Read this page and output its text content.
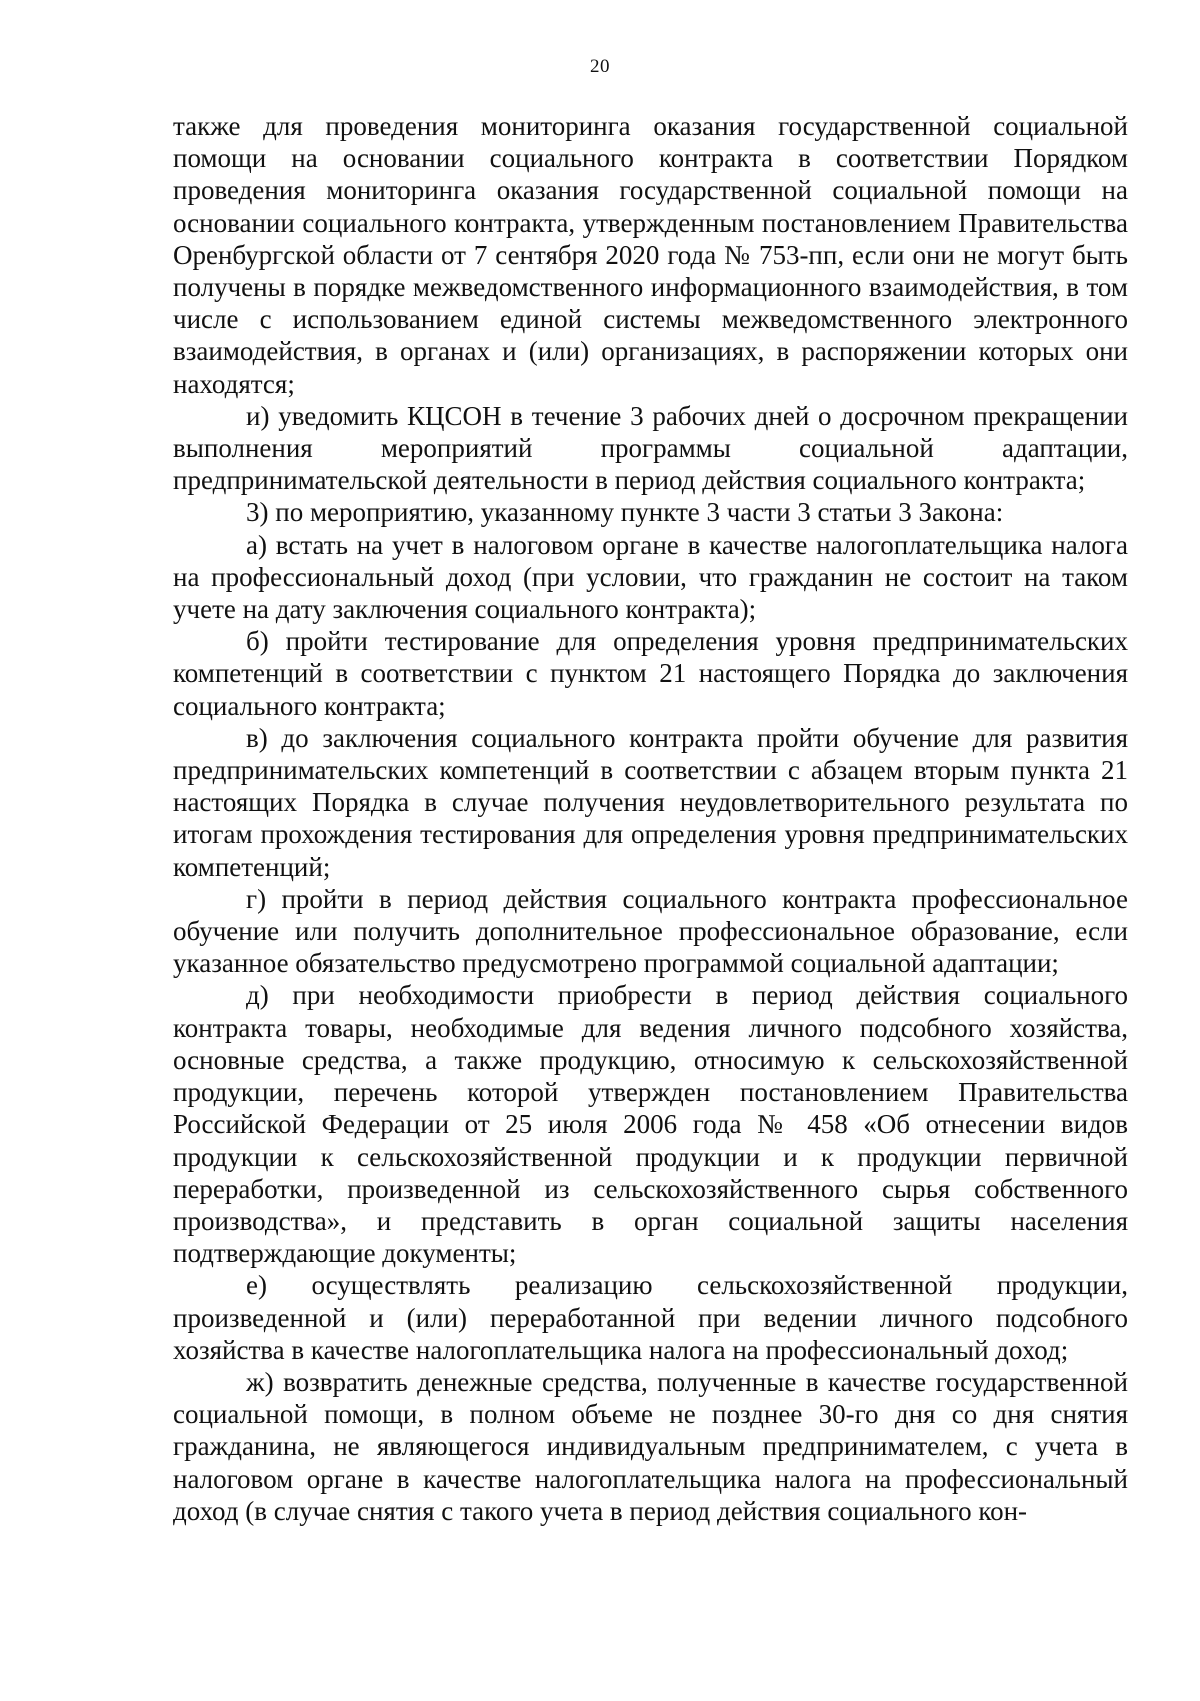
20

также для проведения мониторинга оказания государственной социальной помощи на основании социального контракта в соответствии Порядком проведения мониторинга оказания государственной социальной помощи на основании социального контракта, утвержденным постановлением Правительства Оренбургской области от 7 сентября 2020 года № 753-пп, если они не могут быть получены в порядке межведомственного информационного взаимодействия, в том числе с использованием единой системы межведомственного электронного взаимодействия, в органах и (или) организациях, в распоряжении которых они находятся;

и) уведомить КЦСОН в течение 3 рабочих дней о досрочном прекращении выполнения мероприятий программы социальной адаптации, предпринимательской деятельности в период действия социального контракта;

3) по мероприятию, указанному пункте 3 части 3 статьи 3 Закона:

а) встать на учет в налоговом органе в качестве налогоплательщика налога на профессиональный доход (при условии, что гражданин не состоит на таком учете на дату заключения социального контракта);

б) пройти тестирование для определения уровня предпринимательских компетенций в соответствии с пунктом 21 настоящего Порядка до заключения социального контракта;

в) до заключения социального контракта пройти обучение для развития предпринимательских компетенций в соответствии с абзацем вторым пункта 21 настоящих Порядка в случае получения неудовлетворительного результата по итогам прохождения тестирования для определения уровня предпринимательских компетенций;

г) пройти в период действия социального контракта профессиональное обучение или получить дополнительное профессиональное образование, если указанное обязательство предусмотрено программой социальной адаптации;

д) при необходимости приобрести в период действия социального контракта товары, необходимые для ведения личного подсобного хозяйства, основные средства, а также продукцию, относимую к сельскохозяйственной продукции, перечень которой утвержден постановлением Правительства Российской Федерации от 25 июля 2006 года № 458 «Об отнесении видов продукции к сельскохозяйственной продукции и к продукции первичной переработки, произведенной из сельскохозяйственного сырья собственного производства», и представить в орган социальной защиты населения подтверждающие документы;

е) осуществлять реализацию сельскохозяйственной продукции, произведенной и (или) переработанной при ведении личного подсобного хозяйства в качестве налогоплательщика налога на профессиональный доход;

ж) возвратить денежные средства, полученные в качестве государственной социальной помощи, в полном объеме не позднее 30-го дня со дня снятия гражданина, не являющегося индивидуальным предпринимателем, с учета в налоговом органе в качестве налогоплательщика налога на профессиональный доход (в случае снятия с такого учета в период действия социального кон-
